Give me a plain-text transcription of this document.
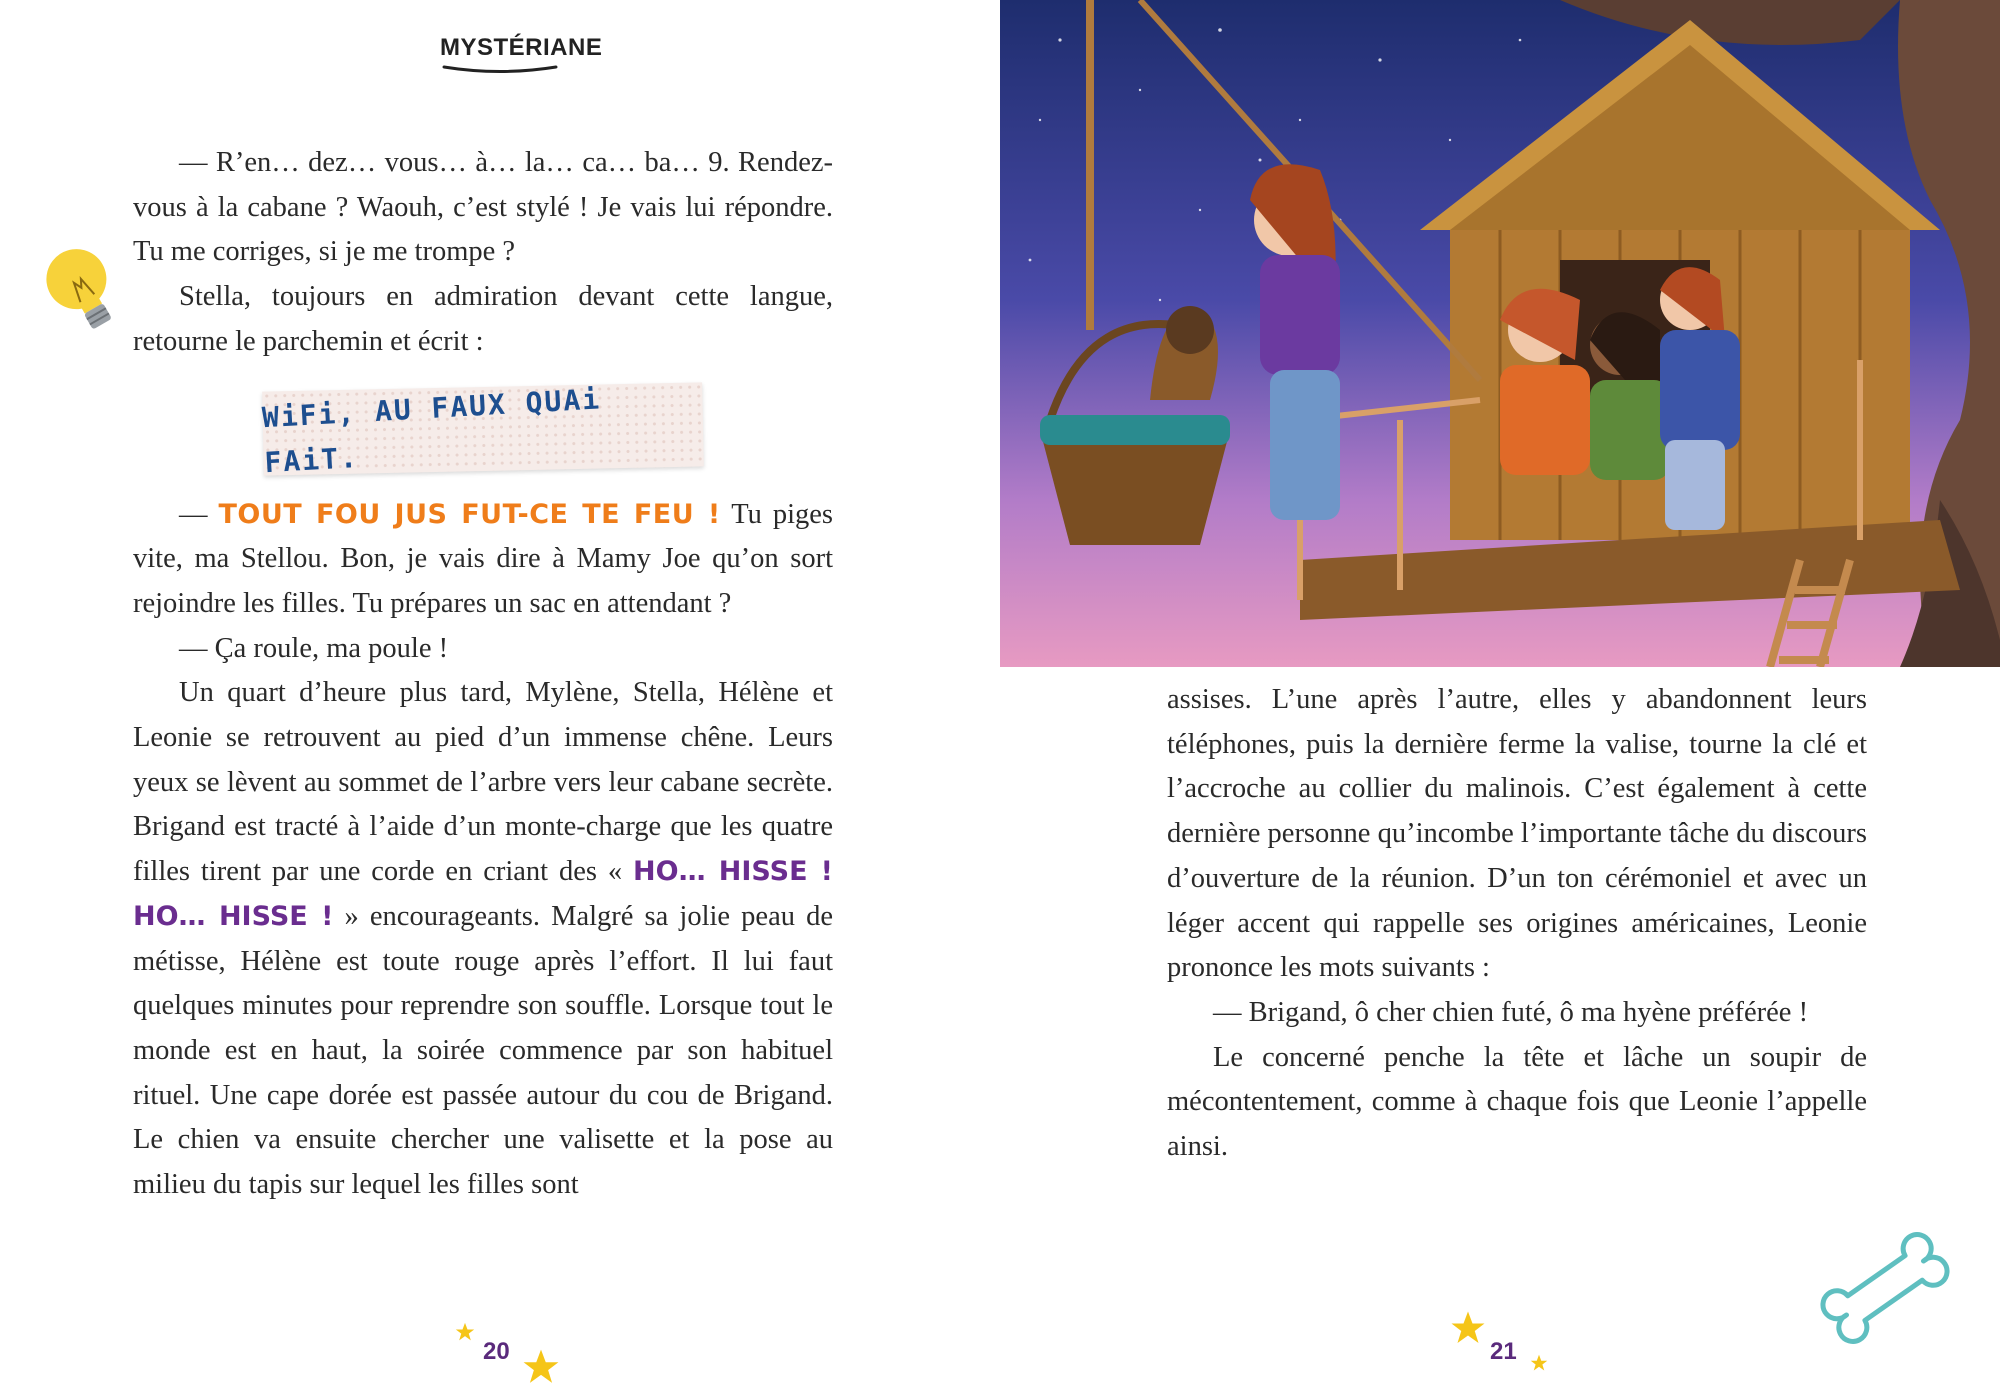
MYSTÉRIANE

— R’en… dez… vous… à… la… ca… ba… 9. Rendez-vous à la cabane ? Waouh, c’est stylé ! Je vais lui répondre. Tu me corriges, si je me trompe ?

Stella, toujours en admiration devant cette langue, retourne le parchemin et écrit :

WiFi, AU FAUX QUAi FAiT.

— TOUT FOU JUS FUT-CE TE FEU ! Tu piges vite, ma Stellou. Bon, je vais dire à Mamy Joe qu’on sort rejoindre les filles. Tu prépares un sac en attendant ?

— Ça roule, ma poule !

Un quart d’heure plus tard, Mylène, Stella, Hélène et Leonie se retrouvent au pied d’un immense chêne. Leurs yeux se lèvent au sommet de l’arbre vers leur cabane secrète. Brigand est tracté à l’aide d’un monte-charge que les quatre filles tirent par une corde en criant des « HO… HISSE ! HO… HISSE ! » encourageants. Malgré sa jolie peau de métisse, Hélène est toute rouge après l’effort. Il lui faut quelques minutes pour reprendre son souffle. Lorsque tout le monde est en haut, la soirée commence par son habituel rituel. Une cape dorée est passée autour du cou de Brigand. Le chien va ensuite chercher une valisette et la pose au milieu du tapis sur lequel les filles sont

20

assises. L’une après l’autre, elles y abandonnent leurs téléphones, puis la dernière ferme la valise, tourne la clé et l’accroche au collier du malinois. C’est également à cette dernière personne qu’incombe l’importante tâche du discours d’ouverture de la réunion. D’un ton cérémoniel et avec un léger accent qui rappelle ses origines américaines, Leonie prononce les mots suivants :

— Brigand, ô cher chien futé, ô ma hyène préférée !

Le concerné penche la tête et lâche un soupir de mécontentement, comme à chaque fois que Leonie l’appelle ainsi.

21
